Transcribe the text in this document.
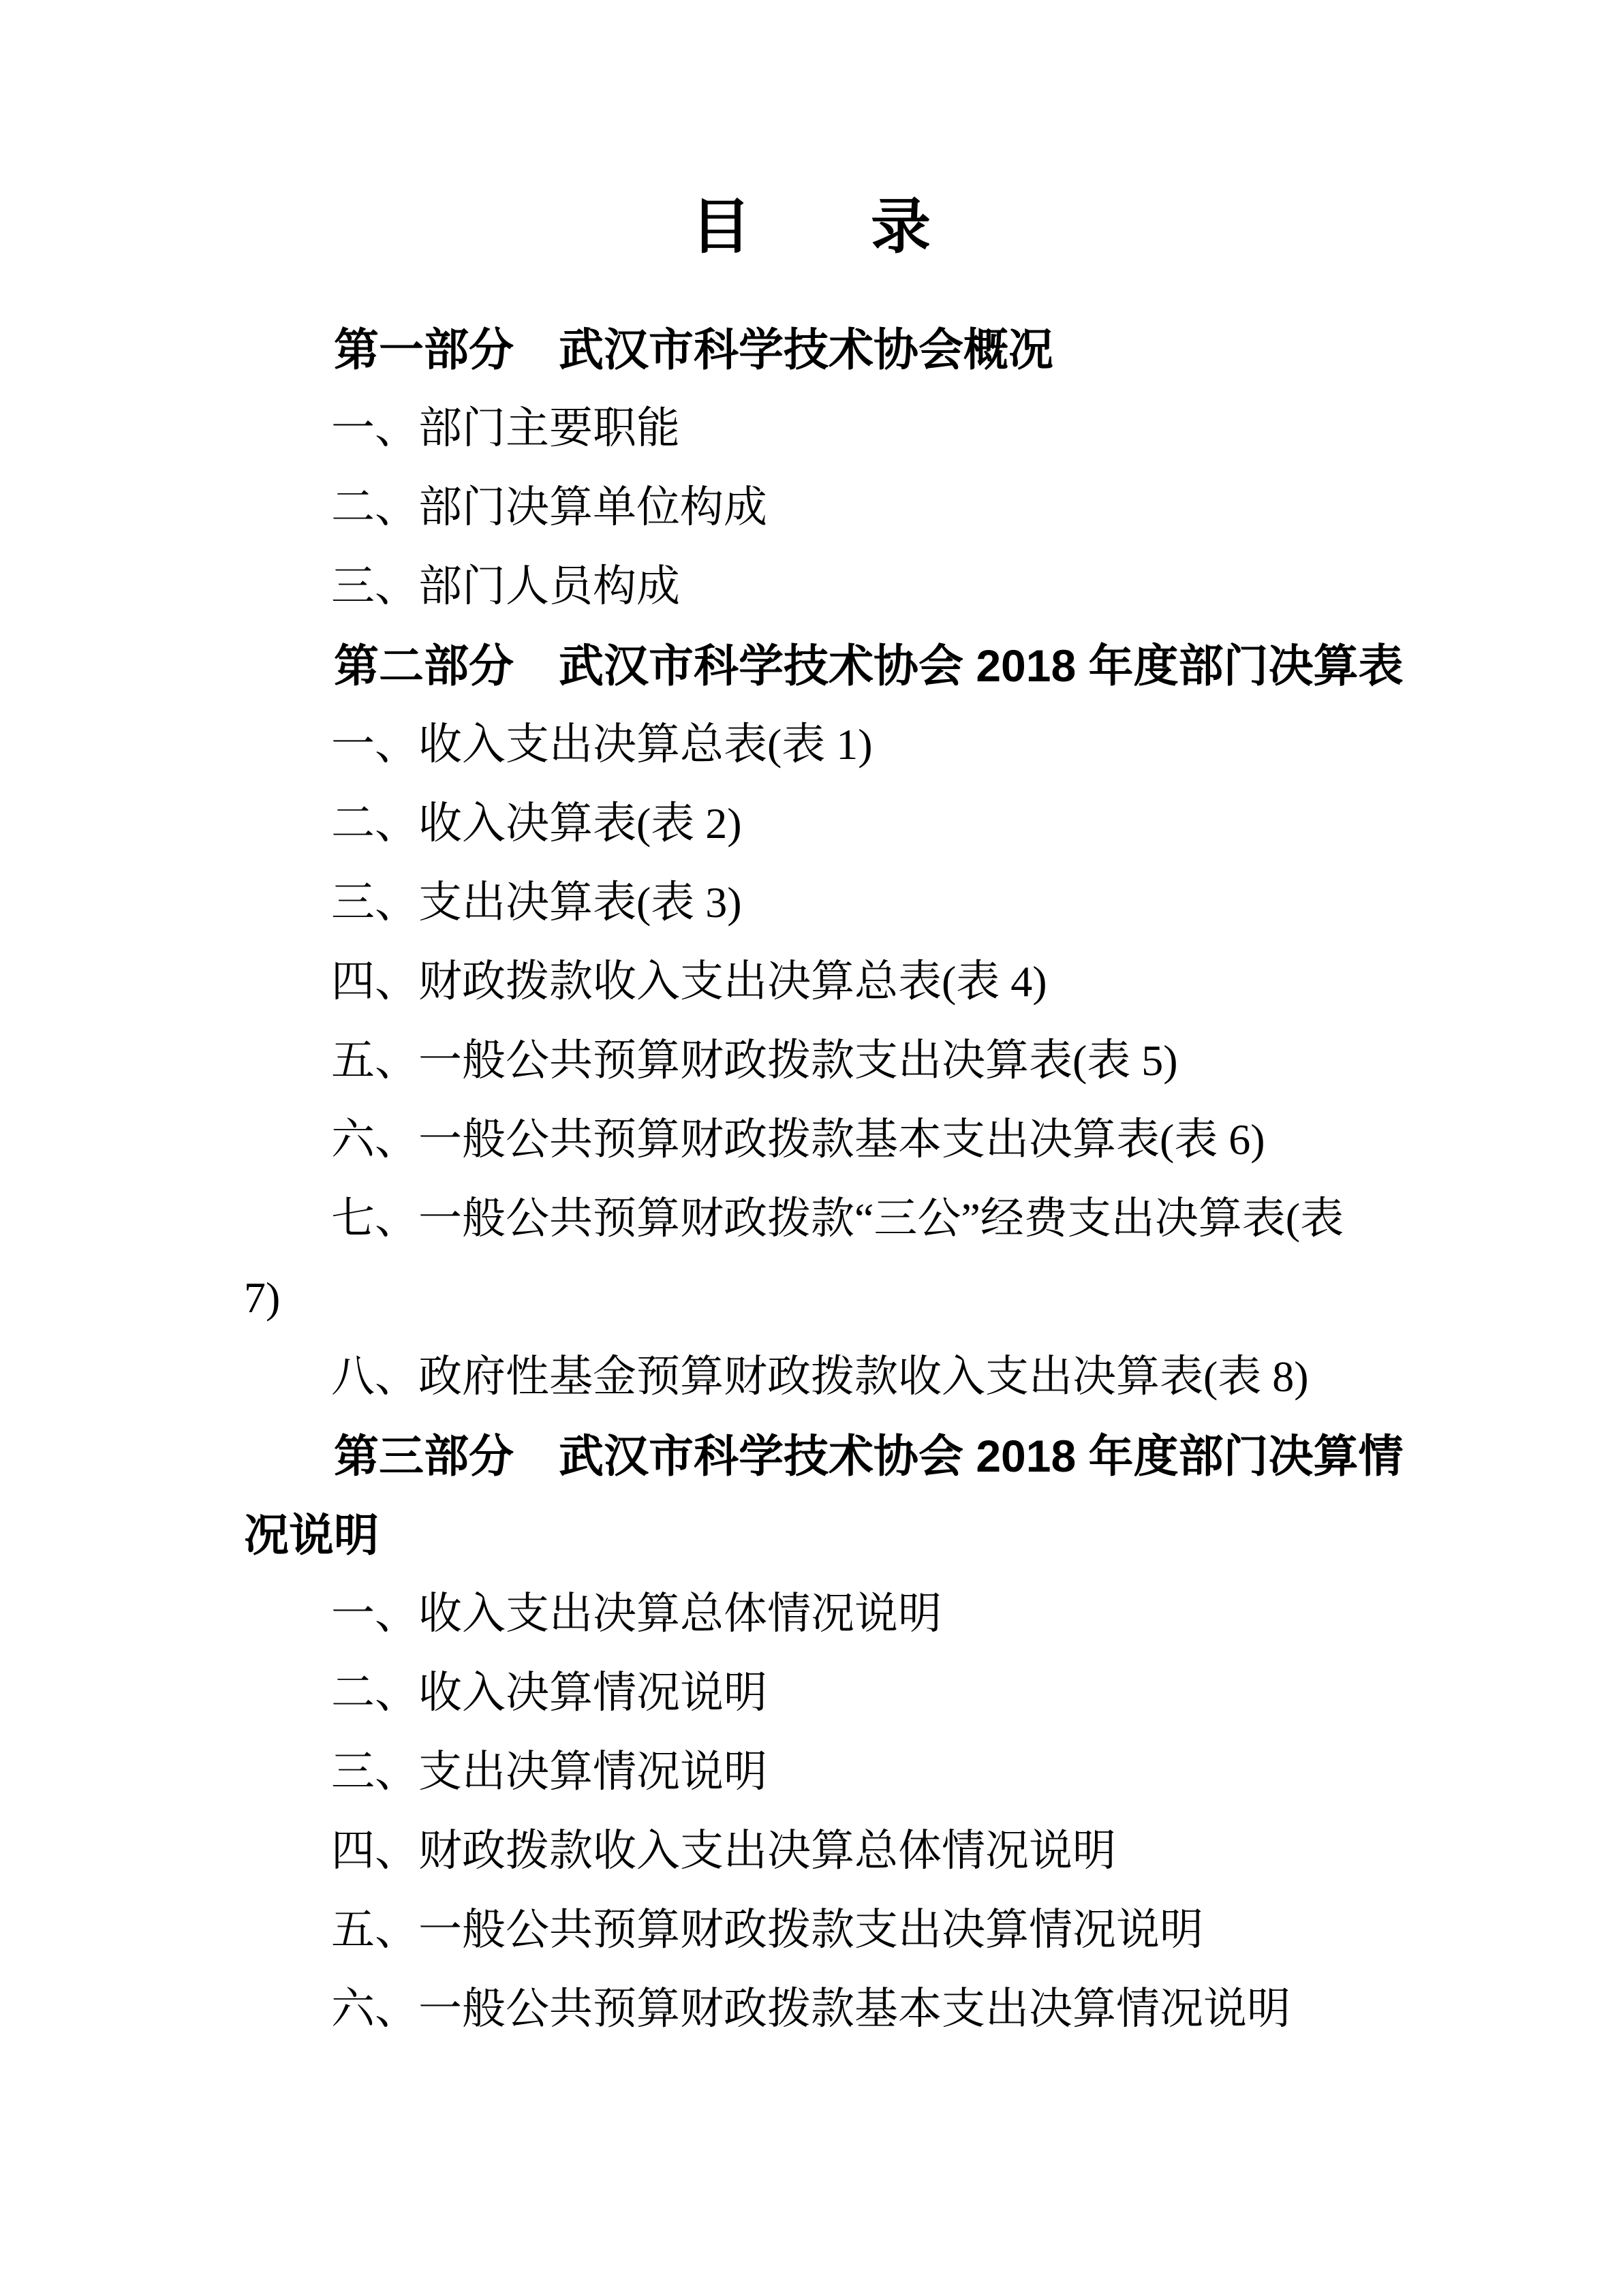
目　　录

第一部分　武汉市科学技术协会概况

一、部门主要职能

二、部门决算单位构成

三、部门人员构成

第二部分　武汉市科学技术协会 2018 年度部门决算表

一、收入支出决算总表(表 1)

二、收入决算表(表 2)

三、支出决算表(表 3)

四、财政拨款收入支出决算总表(表 4)

五、一般公共预算财政拨款支出决算表(表 5)

六、一般公共预算财政拨款基本支出决算表(表 6)

七、一般公共预算财政拨款“三公”经费支出决算表(表

7)

八、政府性基金预算财政拨款收入支出决算表(表 8)

第三部分　武汉市科学技术协会 2018 年度部门决算情

况说明

一、收入支出决算总体情况说明

二、收入决算情况说明

三、支出决算情况说明

四、财政拨款收入支出决算总体情况说明

五、一般公共预算财政拨款支出决算情况说明

六、一般公共预算财政拨款基本支出决算情况说明
